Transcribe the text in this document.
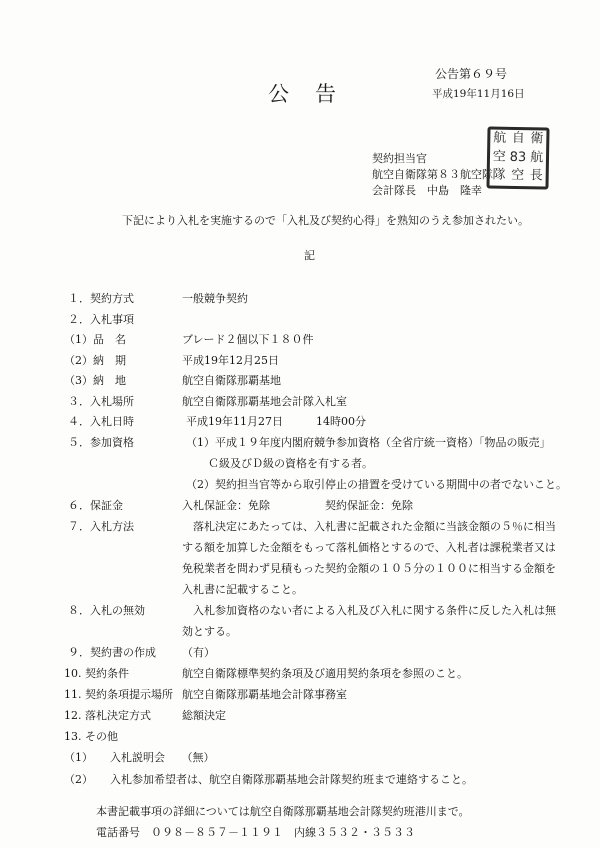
公告
公告第６９号
平成19年11月16日
契約担当官
航空自衛隊第８３航空隊
会計隊長　中島　隆幸
航 自 衛
空 83 航
隊 空 長
下記により入札を実施するので「入札及び契約心得」を熟知のうえ参加されたい。
記
１．契約方式	一般競争契約
２．入札事項
（1）品　名	ブレード２個以下１８０件
（2）納　期	平成19年12月25日
（3）納　地	航空自衛隊那覇基地
３．入札場所	航空自衛隊那覇基地会計隊入札室
４．入札日時	平成19年11月27日　　　14時00分
５．参加資格	（1）平成１９年度内閣府競争参加資格（全省庁統一資格）「物品の販売」
　　Ｃ級及びＤ級の資格を有する者。
（2）契約担当官等から取引停止の措置を受けている期間中の者でないこと。
６．保証金	入札保証金：免除　　　　　契約保証金：免除
７．入札方法	　落札決定にあたっては、入札書に記載された金額に当該金額の５％に相当
する額を加算した金額をもって落札価格とするので、入札者は課税業者又は
免税業者を問わず見積もった契約金額の１０５分の１００に相当する金額を
入札書に記載すること。
８．入札の無効	　入札参加資格のない者による入札及び入札に関する条件に反した入札は無
効とする。
９．契約書の作成 （有）
10. 契約条件	航空自衛隊標準契約条項及び適用契約条項を参照のこと。
11. 契約条項提示場所 航空自衛隊那覇基地会計隊事務室
12. 落札決定方式	総額決定
13. その他
（1） 入札説明会　　（無）
（2） 入札参加希望者は、航空自衛隊那覇基地会計隊契約班まで連絡すること。
本書記載事項の詳細については航空自衛隊那覇基地会計隊契約班港川まで。
電話番号　０９８－８５７－１１９１　内線３５３２・３５３３
